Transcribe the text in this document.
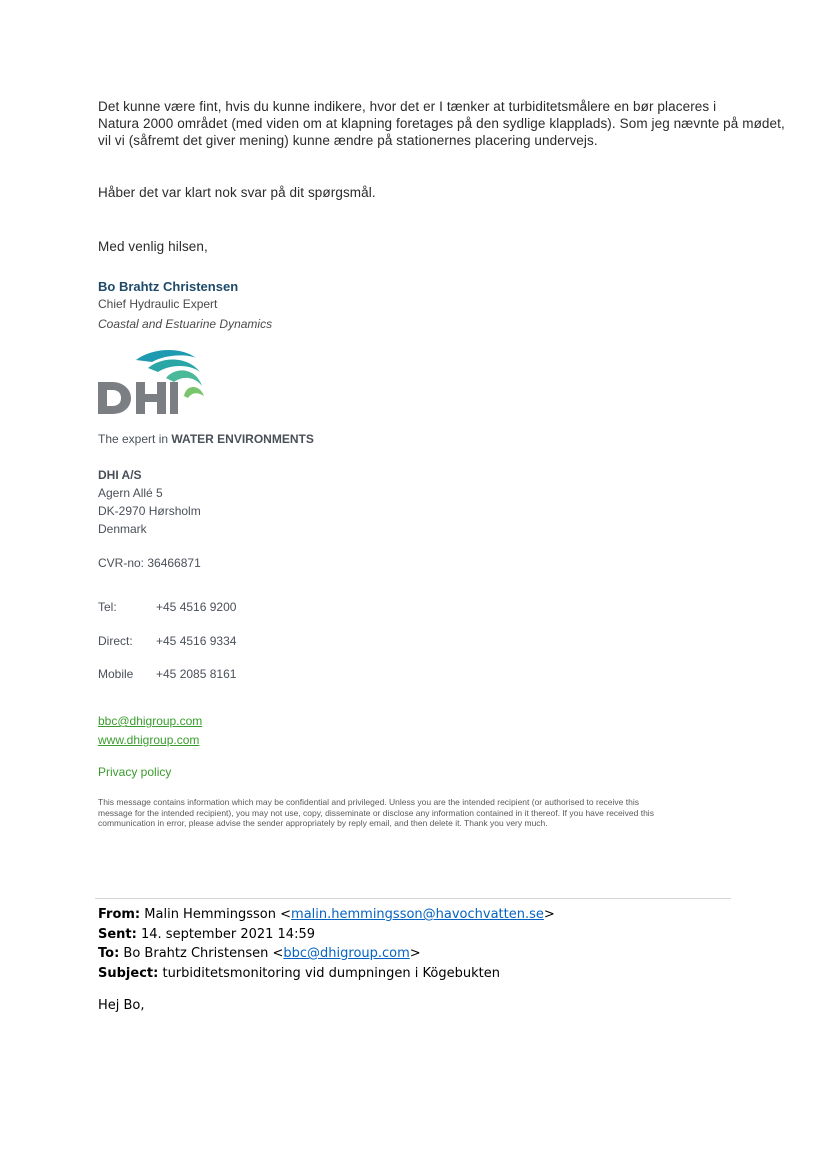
Det kunne være fint, hvis du kunne indikere, hvor det er I tænker at turbiditetsmålere en bør placeres i
Natura 2000 området (med viden om at klapning foretages på den sydlige klapplads). Som jeg nævnte på mødet,
vil vi (såfremt det giver mening) kunne ændre på stationernes placering undervejs.
Håber det var klart nok svar på dit spørgsmål.
Med venlig hilsen,
Bo Brahtz Christensen
Chief Hydraulic Expert
Coastal and Estuarine Dynamics
DHI
The expert in WATER ENVIRONMENTS
DHI A/S
Agern Allé 5
DK-2970 Hørsholm
Denmark
CVR-no: 36466871
Tel:	+45 4516 9200
Direct: +45 4516 9334
Mobile +45 2085 8161
bbc@dhigroup.com
www.dhigroup.com
Privacy policy
This message contains information which may be confidential and privileged. Unless you are the intended recipient (or authorised to receive this message for the intended recipient), you may not use, copy, disseminate or disclose any information contained in it thereof. If you have received this communication in error, please advise the sender appropriately by reply email, and then delete it. Thank you very much.
From: Malin Hemmingsson <malin.hemmingsson@havochvatten.se>
Sent: 14. september 2021 14:59
To: Bo Brahtz Christensen <bbc@dhigroup.com>
Subject: turbiditetsmonitoring vid dumpningen i Kögebukten
Hej Bo,
